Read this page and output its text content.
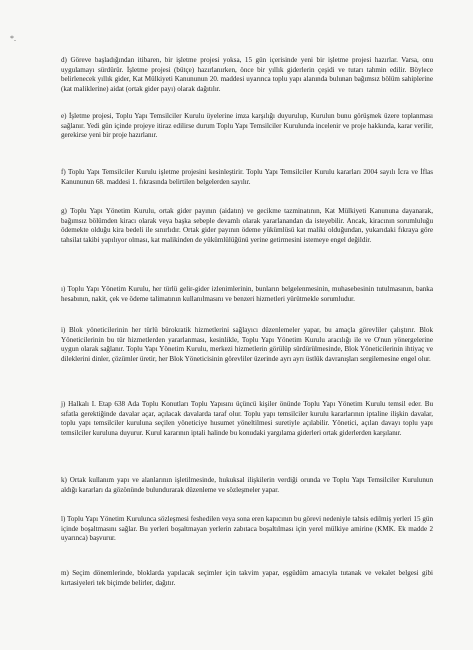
*.

d) Göreve başladığından itibaren, bir işletme projesi yoksa, 15 gün içerisinde yeni bir işletme projesi hazırlar. Varsa, onu uygulamayı sürdürür. İşletme projesi (bütçe) hazırlanırken, önce bir yıllık giderlerin çeşidi ve tutarı tahmin edilir. Böylece belirlenecek yıllık gider, Kat Mülkiyeti Kanununun 20. maddesi uyarınca toplu yapı alanında bulunan bağımsız bölüm sahiplerine (kat maliklerine) aidat (ortak gider payı) olarak dağıtılır.

e) İşletme projesi, Toplu Yapı Temsilciler Kurulu üyelerine imza karşılığı duyurulup, Kurulun bunu görüşmek üzere toplanması sağlanır. Yedi gün içinde projeye itiraz edilirse durum Toplu Yapı Temsilciler Kurulunda incelenir ve proje hakkında, karar verilir, gerekirse yeni bir proje hazırlanır.

f) Toplu Yapı Temsilciler Kurulu işletme projesini kesinleştirir. Toplu Yapı Temsilciler Kurulu kararları 2004 sayılı İcra ve İflas Kanununun 68. maddesi 1. fıkrasında belirtilen belgelerden sayılır.

g) Toplu Yapı Yönetim Kurulu, ortak gider payının (aidatın) ve gecikme tazminatının, Kat Mülkiyeti Kanununa dayanarak, bağımsız bölümden kiracı olarak veya başka sebeple devamlı olarak yararlanandan da isteyebilir. Ancak, kiracının sorumluluğu ödemekte olduğu kira bedeli ile sınırlıdır. Ortak gider payının ödeme yükümlüsü kat maliki olduğundan, yukarıdaki fıkraya göre tahsilat takibi yapılıyor olması, kat malikinden de yükümlülüğünü yerine getirmesini istemeye engel değildir.

ı) Toplu Yapı Yönetim Kurulu, her türlü gelir-gider izlenimlerinin, bunların belgelenmesinin, muhasebesinin tutulmasının, banka hesabının, nakit, çek ve ödeme talimatının kullanılmasını ve benzeri hizmetleri yürütmekle sorumludur.

i) Blok yöneticilerinin her türlü bürokratik hizmetlerini sağlayıcı düzenlemeler yapar, bu amaçla görevliler çalıştırır. Blok Yöneticilerinin bu tür hizmetlerden yararlanması, kesinlikle, Toplu Yapı Yönetim Kurulu aracılığı ile ve O'nun yönergelerine uygun olarak sağlanır. Toplu Yapı Yönetim Kurulu, merkezi hizmetlerin görülüp sürdürülmesinde, Blok Yöneticilerinin ihtiyaç ve dileklerini dinler, çözümler üretir, her Blok Yöneticisinin görevliler üzerinde ayrı ayrı üstlük davranışları sergilemesine engel olur.

j) Halkalı I. Etap 638 Ada Toplu Konutları Toplu Yapısını üçüncü kişiler önünde Toplu Yapı Yönetim Kurulu temsil eder. Bu sıfatla gerektiğinde davalar açar, açılacak davalarda taraf olur. Toplu yapı temsilciler kurulu kararlarının iptaline ilişkin davalar, toplu yapı temsilciler kuruluna seçilen yöneticiye husumet yöneltilmesi suretiyle açılabilir. Yönetici, açılan davayı toplu yapı temsilciler kuruluna duyurur. Kurul kararının iptali halinde bu konudaki yargılama giderleri ortak giderlerden karşılanır.

k) Ortak kullanım yapı ve alanlarının işletilmesinde, hukuksal ilişkilerin verdiği orunda ve Toplu Yapı Temsilciler Kurulunun aldığı kararları da gözönünde bulundurarak düzenleme ve sözleşmeler yapar.

l) Toplu Yapı Yönetim Kurulunca sözleşmesi feshedilen veya sona eren kapıcının bu görevi nedeniyle tahsis edilmiş yerleri 15 gün içinde boşaltmasını sağlar. Bu yerleri boşaltmayan yerlerin zabıtaca boşaltılması için yerel mülkiye amirine (KMK. Ek madde 2 uyarınca) başvurur.

m) Seçim dönemlerinde, bloklarda yapılacak seçimler için takvim yapar, eşgüdüm amacıyla tutanak ve vekalet belgesi gibi kırtasiyeleri tek biçimde belirler, dağıtır.
